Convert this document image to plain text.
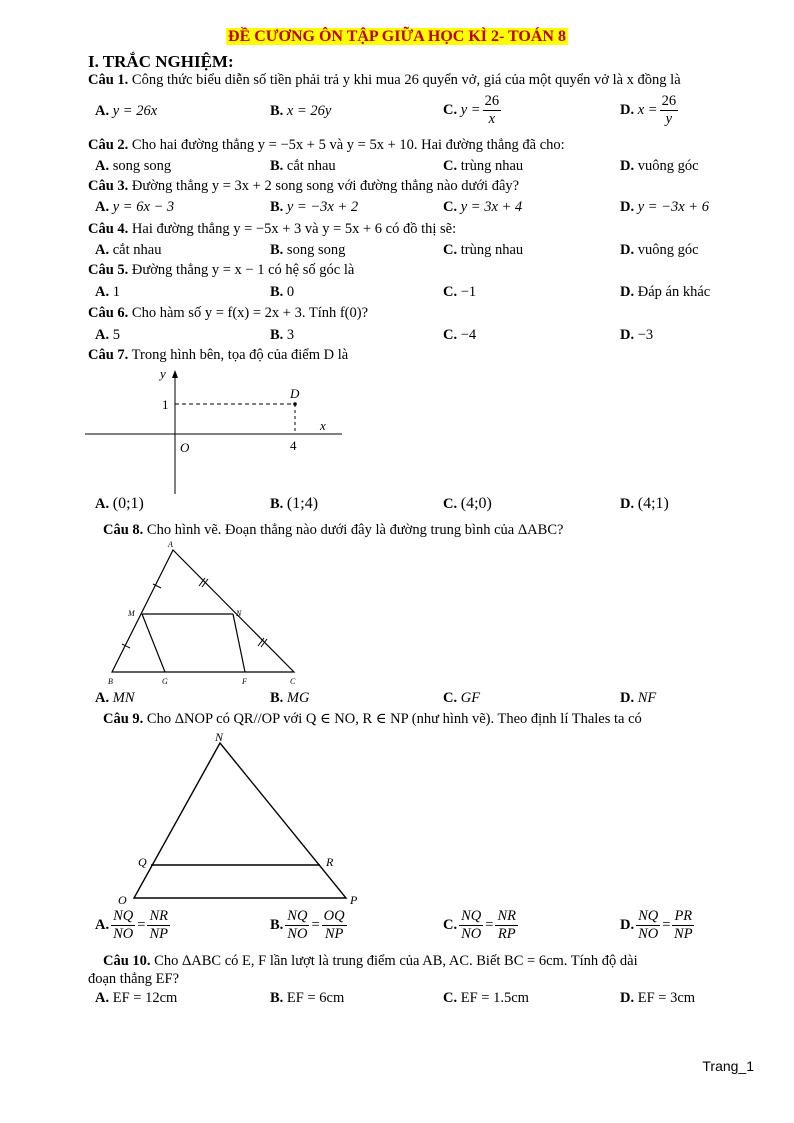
ĐỀ CƯƠNG ÔN TẬP GIỮA HỌC KÌ 2- TOÁN 8
I. TRẮC NGHIỆM:
Câu 1. Công thức biểu diễn số tiền phải trả y khi mua 26 quyển vở, giá của một quyển vở là x đồng là
A. y = 26x	B. x = 26y	C. $y = \frac{26}{x}$	D. $x = \frac{26}{y}$
Câu 2. Cho hai đường thẳng y = −5x + 5 và y = 5x + 10. Hai đường thẳng đã cho:
A. song song	B. cắt nhau	C. trùng nhau	D. vuông góc
Câu 3. Đường thẳng y = 3x + 2 song song với đường thẳng nào dưới đây?
A. y = 6x − 3	B. y = −3x + 2	C. y = 3x + 4	D. y = −3x + 6
Câu 4. Hai đường thẳng y = −5x + 3 và y = 5x + 6 có đồ thị sẽ:
A. cắt nhau	B. song song	C. trùng nhau	D. vuông góc
Câu 5. Đường thẳng y = x − 1 có hệ số góc là
A. 1	B. 0	C. −1	D. Đáp án khác
Câu 6. Cho hàm số y = f(x) = 2x + 3. Tính f(0)?
A. 5	B. 3	C. −4	D. −3
Câu 7. Trong hình bên, tọa độ của điểm D là
y
x
1
4
O
D
A. (0;1)	B. (1;4)	C. (4;0)	D. (4;1)
Câu 8. Cho hình vẽ. Đoạn thẳng nào dưới đây là đường trung bình của ΔABC?
A
M	N
B	G	F	C
A. MN	B. MG	C. GF	D. NF
Câu 9. Cho ΔNOP có QR//OP với Q ∈ NO, R ∈ NP (như hình vẽ). Theo định lí Thales ta có
N
Q	R
O	P
A. $\frac{NQ}{NO} = \frac{NR}{NP}$	B. $\frac{NQ}{NO} = \frac{OQ}{NP}$	C. $\frac{NQ}{NO} = \frac{NR}{RP}$	D. $\frac{NQ}{NO} = \frac{PR}{NP}$
Câu 10. Cho ΔABC có E, F lần lượt là trung điểm của AB, AC. Biết BC = 6cm. Tính độ dài
đoạn thẳng EF?
A. EF = 12cm	B. EF = 6cm	C. EF = 1.5cm	D. EF = 3cm
Trang_1
